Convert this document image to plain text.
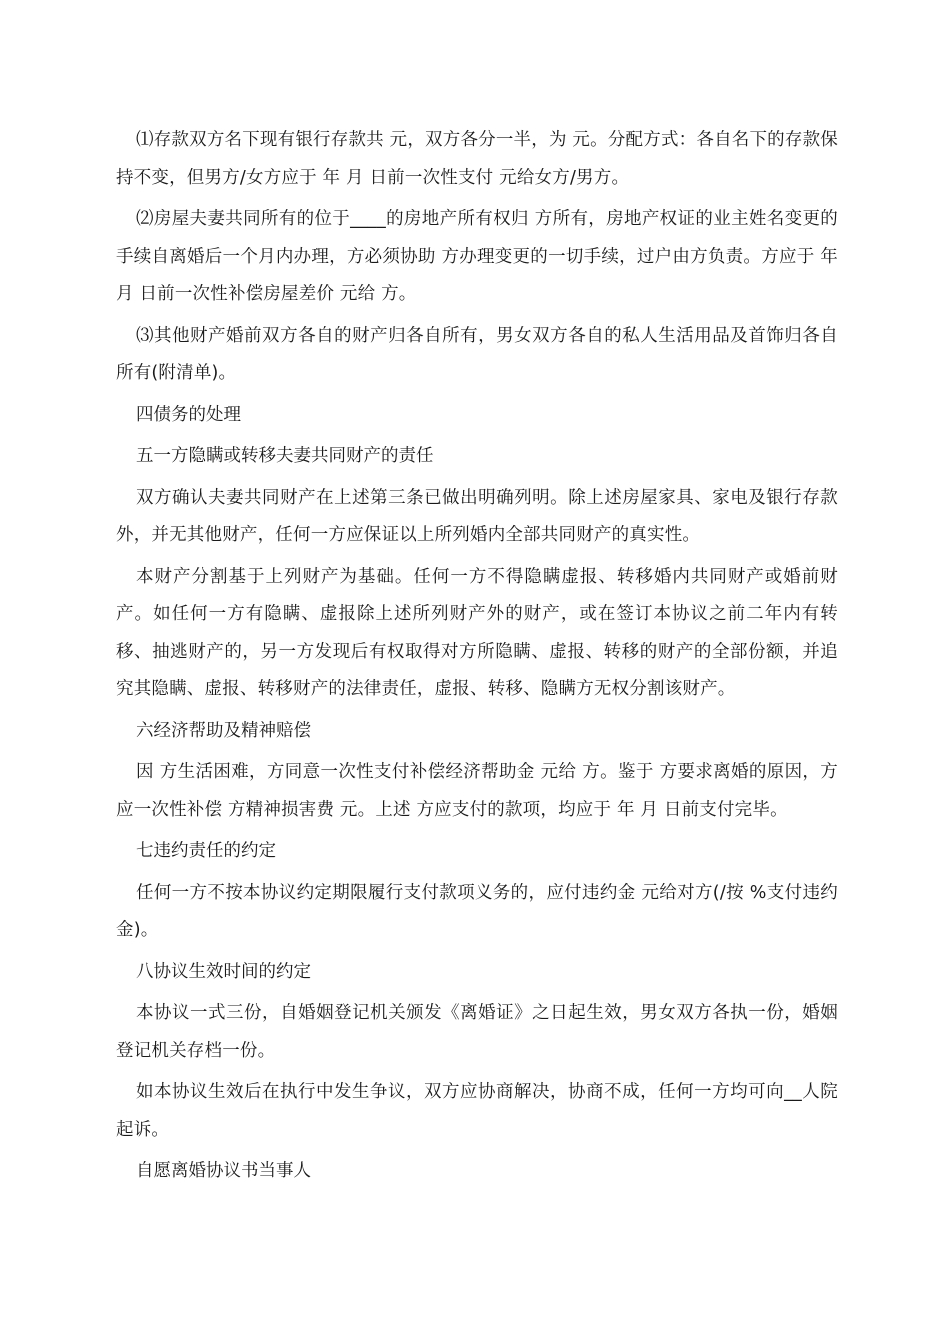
⑴存款双方名下现有银行存款共 元，双方各分一半，为 元。分配方式：各自名下的存款保持不变，但男方/女方应于 年 月 日前一次性支付 元给女方/男方。

⑵房屋夫妻共同所有的位于____的房地产所有权归 方所有，房地产权证的业主姓名变更的手续自离婚后一个月内办理，方必须协助 方办理变更的一切手续，过户由方负责。方应于 年 月 日前一次性补偿房屋差价 元给 方。

⑶其他财产婚前双方各自的财产归各自所有，男女双方各自的私人生活用品及首饰归各自所有(附清单)。

四债务的处理

五一方隐瞒或转移夫妻共同财产的责任

双方确认夫妻共同财产在上述第三条已做出明确列明。除上述房屋家具、家电及银行存款外，并无其他财产，任何一方应保证以上所列婚内全部共同财产的真实性。

本财产分割基于上列财产为基础。任何一方不得隐瞒虚报、转移婚内共同财产或婚前财产。如任何一方有隐瞒、虚报除上述所列财产外的财产，或在签订本协议之前二年内有转移、抽逃财产的，另一方发现后有权取得对方所隐瞒、虚报、转移的财产的全部份额，并追究其隐瞒、虚报、转移财产的法律责任，虚报、转移、隐瞒方无权分割该财产。

六经济帮助及精神赔偿

因 方生活困难，方同意一次性支付补偿经济帮助金 元给 方。鉴于 方要求离婚的原因，方应一次性补偿 方精神损害费 元。上述 方应支付的款项，均应于 年 月 日前支付完毕。

七违约责任的约定

任何一方不按本协议约定期限履行支付款项义务的，应付违约金 元给对方(/按 %支付违约金)。

八协议生效时间的约定

本协议一式三份，自婚姻登记机关颁发《离婚证》之日起生效，男女双方各执一份，婚姻登记机关存档一份。

如本协议生效后在执行中发生争议，双方应协商解决，协商不成，任何一方均可向__人院起诉。

自愿离婚协议书当事人
